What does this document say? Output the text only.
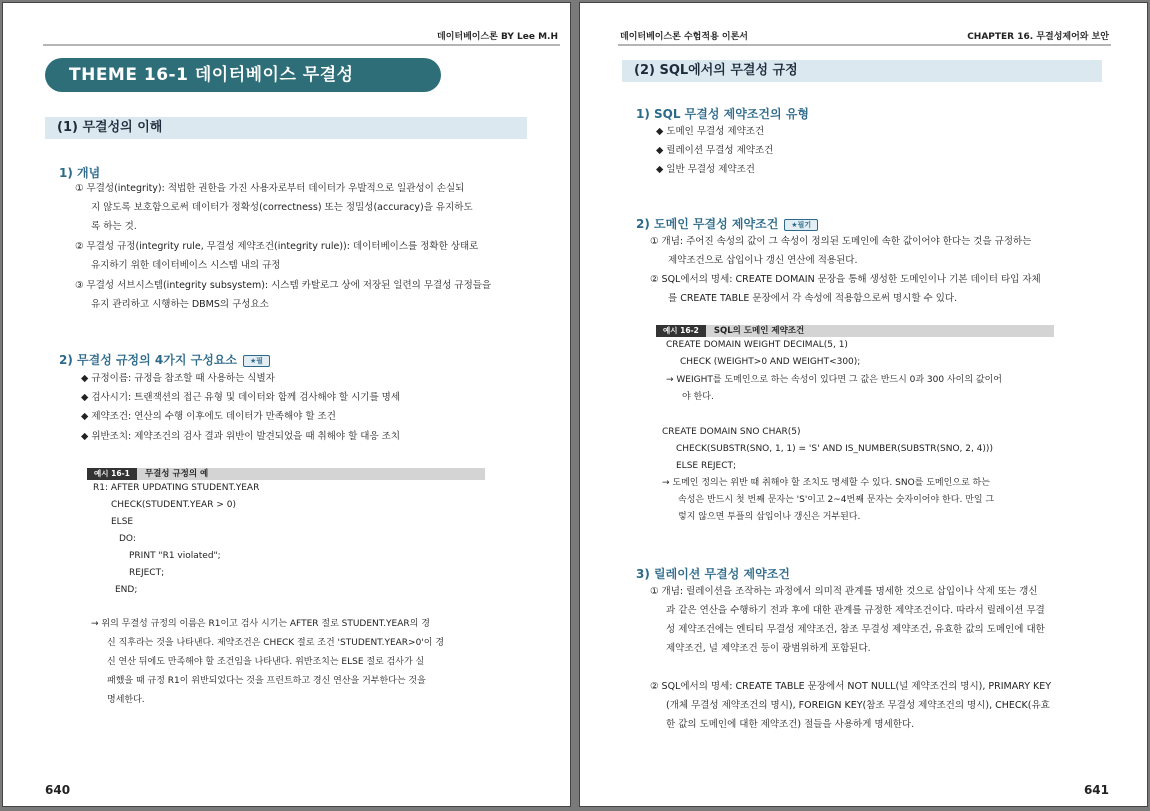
데이터베이스론 BY Lee M.H
THEME 16-1 데이터베이스 무결성
(1) 무결성의 이해
1) 개념
① 무결성(integrity): 적법한 권한을 가진 사용자로부터 데이터가 우발적으로 일관성이 손실되
지 않도록 보호함으로써 데이터가 정확성(correctness) 또는 정밀성(accuracy)을 유지하도
록 하는 것.
② 무결성 규정(integrity rule, 무결성 제약조건(integrity rule)): 데이터베이스를 정확한 상태로
유지하기 위한 데이터베이스 시스템 내의 규정
③ 무결성 서브시스템(integrity subsystem): 시스템 카탈로그 상에 저장된 일련의 무결성 규정들을
유지 관리하고 시행하는 DBMS의 구성요소
2) 무결성 규정의 4가지 구성요소 ★필
◆ 규정이름: 규정을 참조할 때 사용하는 식별자
◆ 검사시기: 트랜잭션의 접근 유형 및 데이터와 함께 검사해야 할 시기를 명세
◆ 제약조건: 연산의 수행 이후에도 데이터가 만족해야 할 조건
◆ 위반조치: 제약조건의 검사 결과 위반이 발견되었을 때 취해야 할 대응 조치
예시 16-1 무결성 규정의 예
R1: AFTER UPDATING STUDENT.YEAR
CHECK(STUDENT.YEAR > 0)
ELSE
DO:
PRINT "R1 violated";
REJECT;
END;
→ 위의 무결성 규정의 이름은 R1이고 검사 시기는 AFTER 절로 STUDENT.YEAR의 경
신 직후라는 것을 나타낸다. 제약조건은 CHECK 절로 조건 'STUDENT.YEAR>0'이 경
신 연산 뒤에도 만족해야 할 조건임을 나타낸다. 위반조치는 ELSE 절로 검사가 실
패했을 때 규정 R1이 위반되었다는 것을 프린트하고 경신 연산을 거부한다는 것을
명세한다.
640
데이터베이스론 수험적용 이론서	CHAPTER 16. 무결성제어와 보안
(2) SQL에서의 무결성 규정
1) SQL 무결성 제약조건의 유형
◆ 도메인 무결성 제약조건
◆ 릴레이션 무결성 제약조건
◆ 일반 무결성 제약조건
2) 도메인 무결성 제약조건 ★필기
① 개념: 주어진 속성의 값이 그 속성이 정의된 도메인에 속한 값이어야 한다는 것을 규정하는
제약조건으로 삽입이나 갱신 연산에 적용된다.
② SQL에서의 명세: CREATE DOMAIN 문장을 통해 생성한 도메인이나 기본 데이터 타입 자체
를 CREATE TABLE 문장에서 각 속성에 적용함으로써 명시할 수 있다.
예시 16-2 SQL의 도메인 제약조건
CREATE DOMAIN WEIGHT DECIMAL(5, 1)
CHECK (WEIGHT>0 AND WEIGHT<300);
→ WEIGHT를 도메인으로 하는 속성이 있다면 그 값은 반드시 0과 300 사이의 값이어
야 한다.
CREATE DOMAIN SNO CHAR(5)
CHECK(SUBSTR(SNO, 1, 1) = 'S' AND IS_NUMBER(SUBSTR(SNO, 2, 4)))
ELSE REJECT;
→ 도메인 정의는 위반 때 취해야 할 조치도 명세할 수 있다. SNO를 도메인으로 하는
속성은 반드시 첫 번째 문자는 'S'이고 2~4번째 문자는 숫자이어야 한다. 만일 그
렇지 않으면 투플의 삽입이나 갱신은 거부된다.
3) 릴레이션 무결성 제약조건
① 개념: 릴레이션을 조작하는 과정에서 의미적 관계를 명세한 것으로 삽입이나 삭제 또는 갱신
과 같은 연산을 수행하기 전과 후에 대한 관계를 규정한 제약조건이다. 따라서 릴레이션 무결
성 제약조건에는 엔티티 무결성 제약조건, 참조 무결성 제약조건, 유효한 값의 도메인에 대한
제약조건, 널 제약조건 등이 광범위하게 포함된다.
② SQL에서의 명세: CREATE TABLE 문장에서 NOT NULL(널 제약조건의 명시), PRIMARY KEY
(개체 무결성 제약조건의 명시), FOREIGN KEY(참조 무결성 제약조건의 명시), CHECK(유효
한 값의 도메인에 대한 제약조건) 절들을 사용하게 명세한다.
641
